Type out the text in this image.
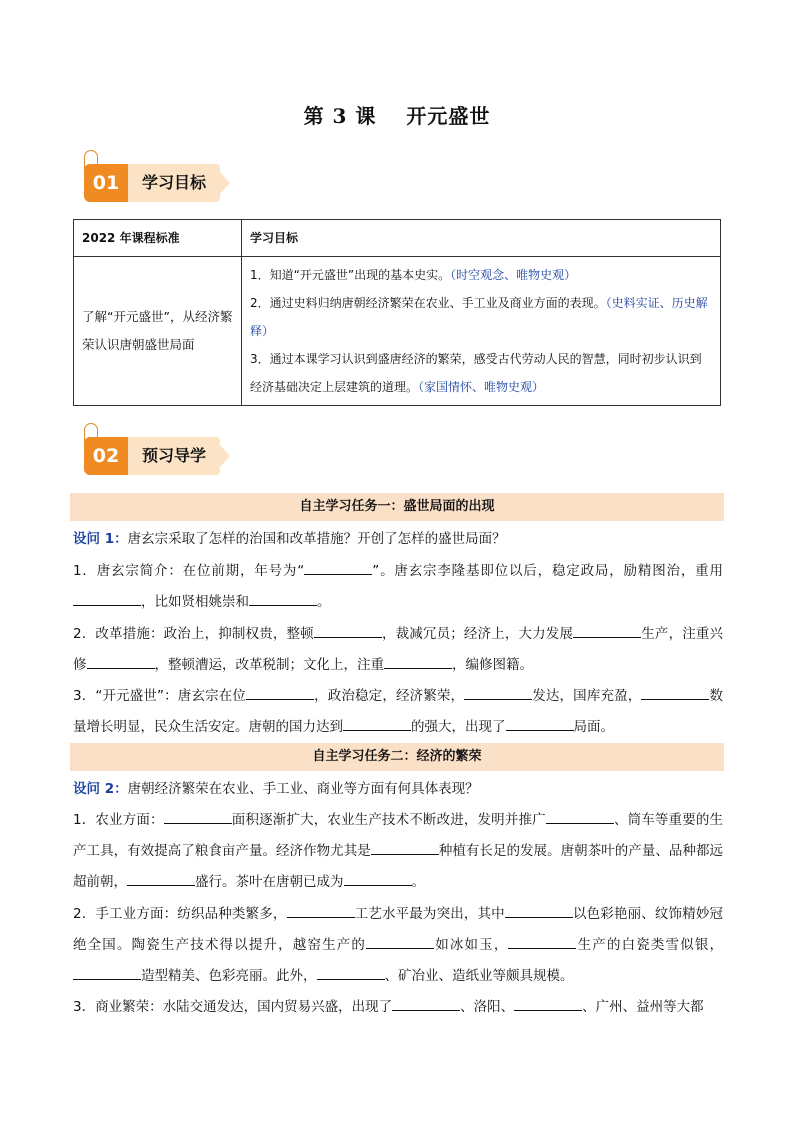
第 3 课 开元盛世
01	学习目标
2022 年课程标准	学习目标
了解“开元盛世”，从经济繁荣认识唐朝盛世局面	1．知道“开元盛世”出现的基本史实。（时空观念、唯物史观）

2．通过史料归纳唐朝经济繁荣在农业、手工业及商业方面的表现。（史料实证、历史解释）

3．通过本课学习认识到盛唐经济的繁荣，感受古代劳动人民的智慧，同时初步认识到经济基础决定上层建筑的道理。（家国情怀、唯物史观）

02	预习导学
自主学习任务一：盛世局面的出现
设问 1：唐玄宗采取了怎样的治国和改革措施？开创了怎样的盛世局面？
1．唐玄宗简介：在位前期，年号为“	”。唐玄宗李隆基即位以后，稳定政局，励精图治，重用，比如贤相姚崇和	。
2．改革措施：政治上，抑制权贵，整顿	，裁减冗员；经济上，大力发展	生产，注重兴修	，整顿漕运，改革税制；文化上，注重	，编修图籍。
3．“开元盛世”：唐玄宗在位	，政治稳定，经济繁荣，	发达，国库充盈，	数量增长明显，民众生活安定。唐朝的国力达到	的强大，出现了	局面。
自主学习任务二：经济的繁荣
设问 2：唐朝经济繁荣在农业、手工业、商业等方面有何具体表现？
1．农业方面：	面积逐渐扩大，农业生产技术不断改进，发明并推广	、筒车等重要的生产工具，有效提高了粮食亩产量。经济作物尤其是	种植有长足的发展。唐朝茶叶的产量、品种都远超前朝，	盛行。茶叶在唐朝已成为	。
2．手工业方面：纺织品种类繁多，	工艺水平最为突出，其中	以色彩艳丽、纹饰精妙冠绝全国。陶瓷生产技术得以提升，越窑生产的	如冰如玉，	生产的白瓷类雪似银，造型精美、色彩亮丽。此外，	、矿冶业、造纸业等颇具规模。
3．商业繁荣：水陆交通发达，国内贸易兴盛，出现了	、洛阳、	、广州、益州等大都
